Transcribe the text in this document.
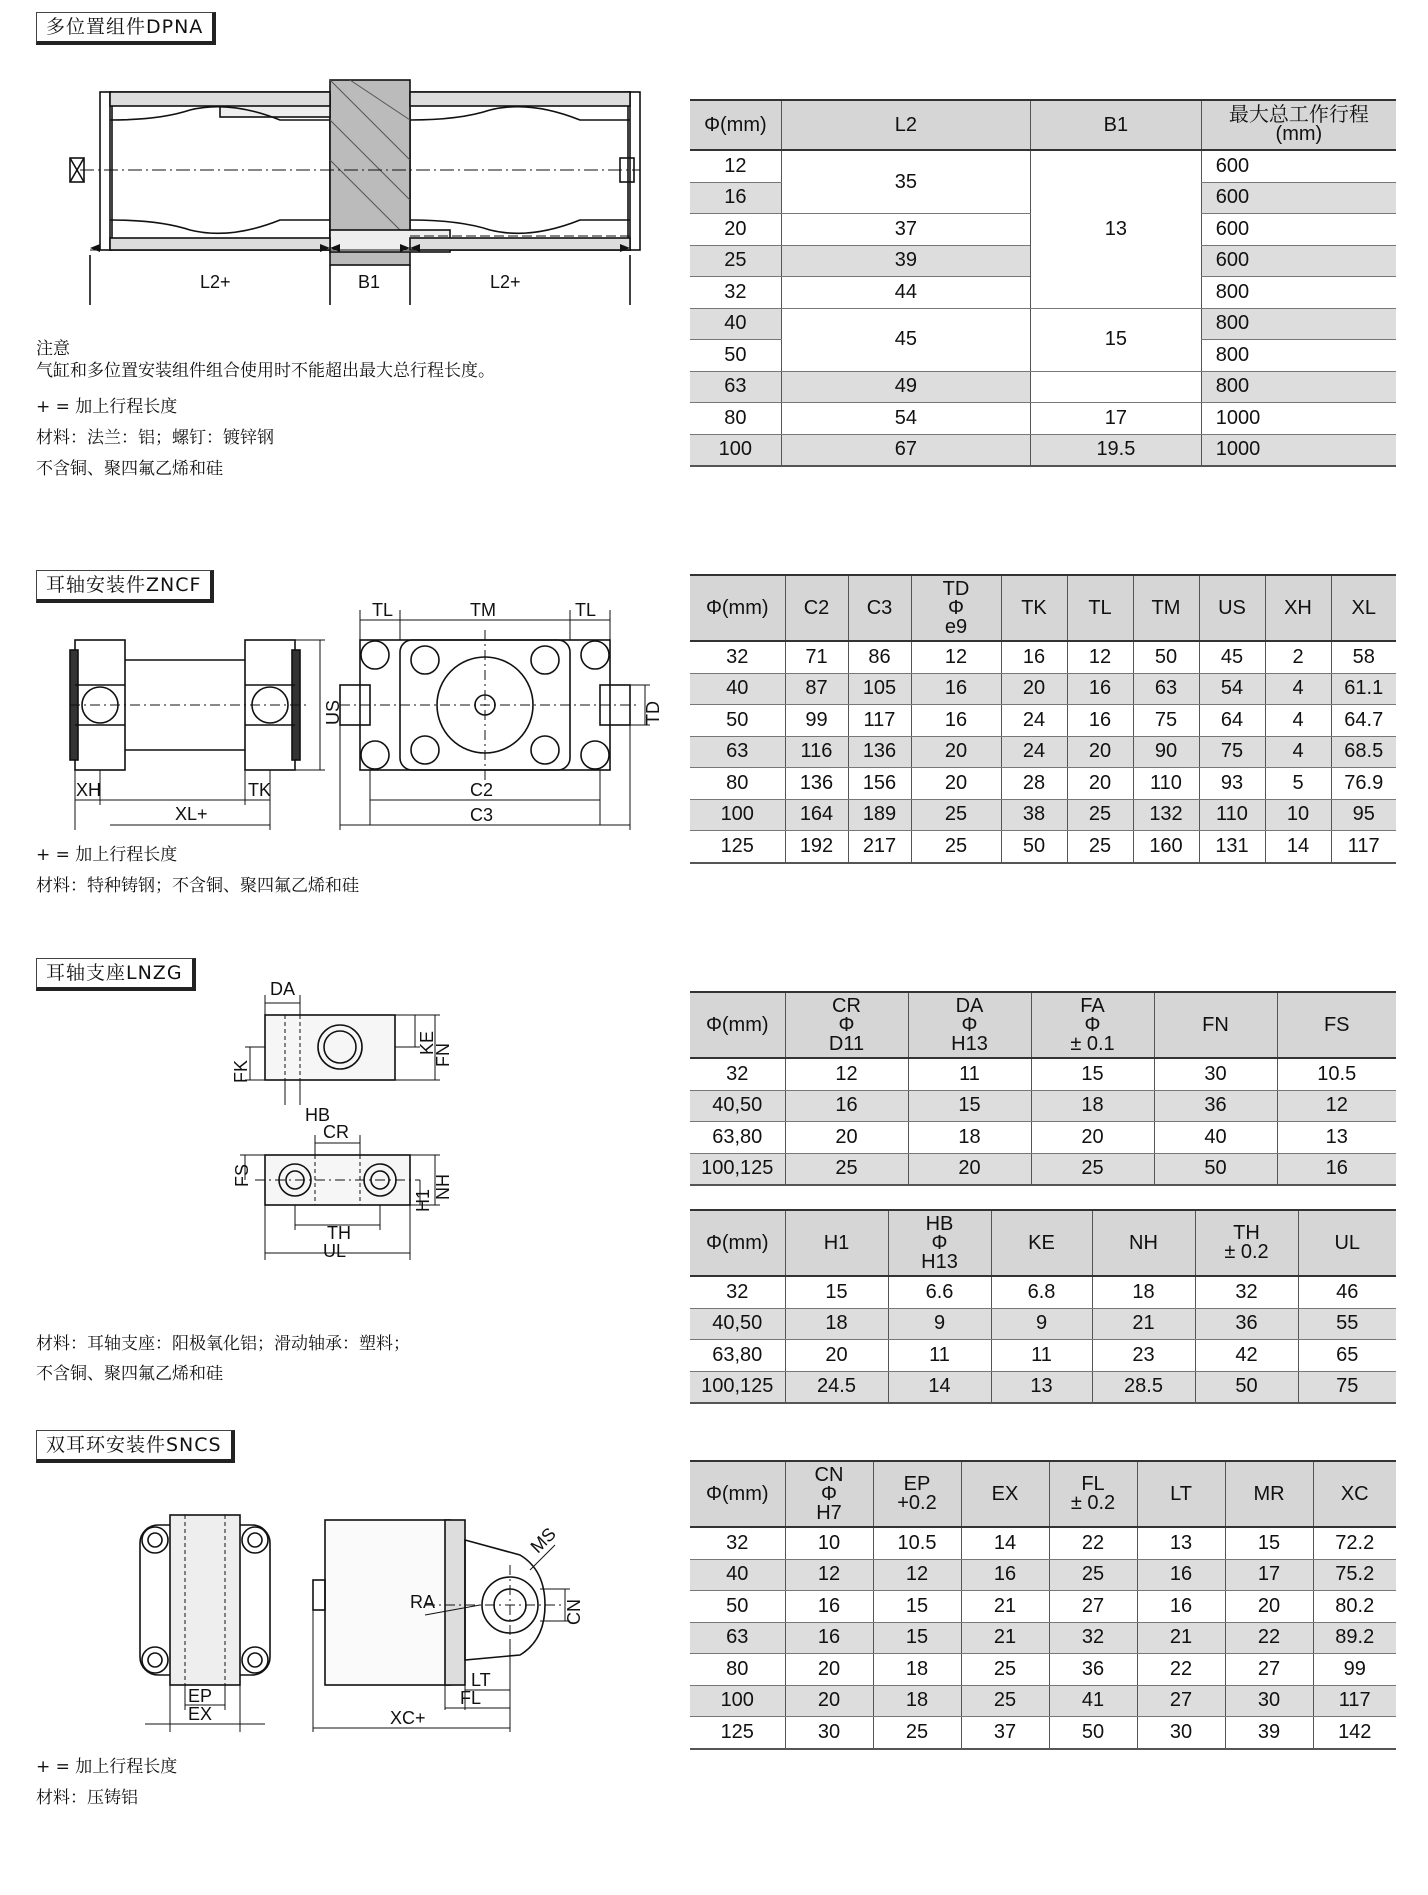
多位置组件DPNA
L2+	B1	L2+
注意
气缸和多位置安装组件组合使用时不能超出最大总行程长度。
+ = 加上行程长度
材料：法兰：铝；螺钉：镀锌钢
不含铜、聚四氟乙烯和硅
Φ(mm)	L2	B1	最大总工作行程(mm)
12	35	13	600
16			600
20	37		600
25	39		600
32	44		800
40	45	15	800
50			800
63	49		800
80	54	17	1000
100	67	19.5	1000
耳轴安装件ZNCF
TL	TM	TL
US	TD
XH	TK
XL+
C2
C3
+ = 加上行程长度
材料：特种铸钢；不含铜、聚四氟乙烯和硅
Φ(mm)	C2	C3	TD
Φ
e9	TK	TL	TM	US	XH	XL
32	71	86	12	16	12	50	45	2	58
40	87	105	16	20	16	63	54	4	61.1
50	99	117	16	24	16	75	64	4	64.7
63	116	136	20	24	20	90	75	4	68.5
80	136	156	20	28	20	110	93	5	76.9
100	164	189	25	38	25	132	110	10	95
125	192	217	25	50	25	160	131	14	117
耳轴支座LNZG
DA
KE
FN
FK
HB
CR
FS
H1
NH
TH
UL
材料：耳轴支座：阳极氧化铝；滑动轴承：塑料；
不含铜、聚四氟乙烯和硅
Φ(mm)	CR
Φ
D11	DA
Φ
H13	FA
Φ
± 0.1	FN	FS
32	12	11	15	30	10.5
40,50	16	15	18	36	12
63,80	20	18	20	40	13
100,125	25	20	25	50	16
Φ(mm)	H1	HB
Φ
H13	KE	NH	TH
± 0.2	UL
32	15	6.6	6.8	18	32	46
40,50	18	9	9	21	36	55
63,80	20	11	11	23	42	65
100,125	24.5	14	13	28.5	50	75
双耳环安装件SNCS
EP
EX
RA
MS
CN
LT
FL
XC+
+ = 加上行程长度
材料：压铸铝
Φ(mm)	CN
Φ
H7	EP
+0.2	EX	FL
± 0.2	LT	MR	XC
32	10	10.5	14	22	13	15	72.2
40	12	12	16	25	16	17	75.2
50	16	15	21	27	16	20	80.2
63	16	15	21	32	21	22	89.2
80	20	18	25	36	22	27	99
100	20	18	25	41	27	30	117
125	30	25	37	50	30	39	142
